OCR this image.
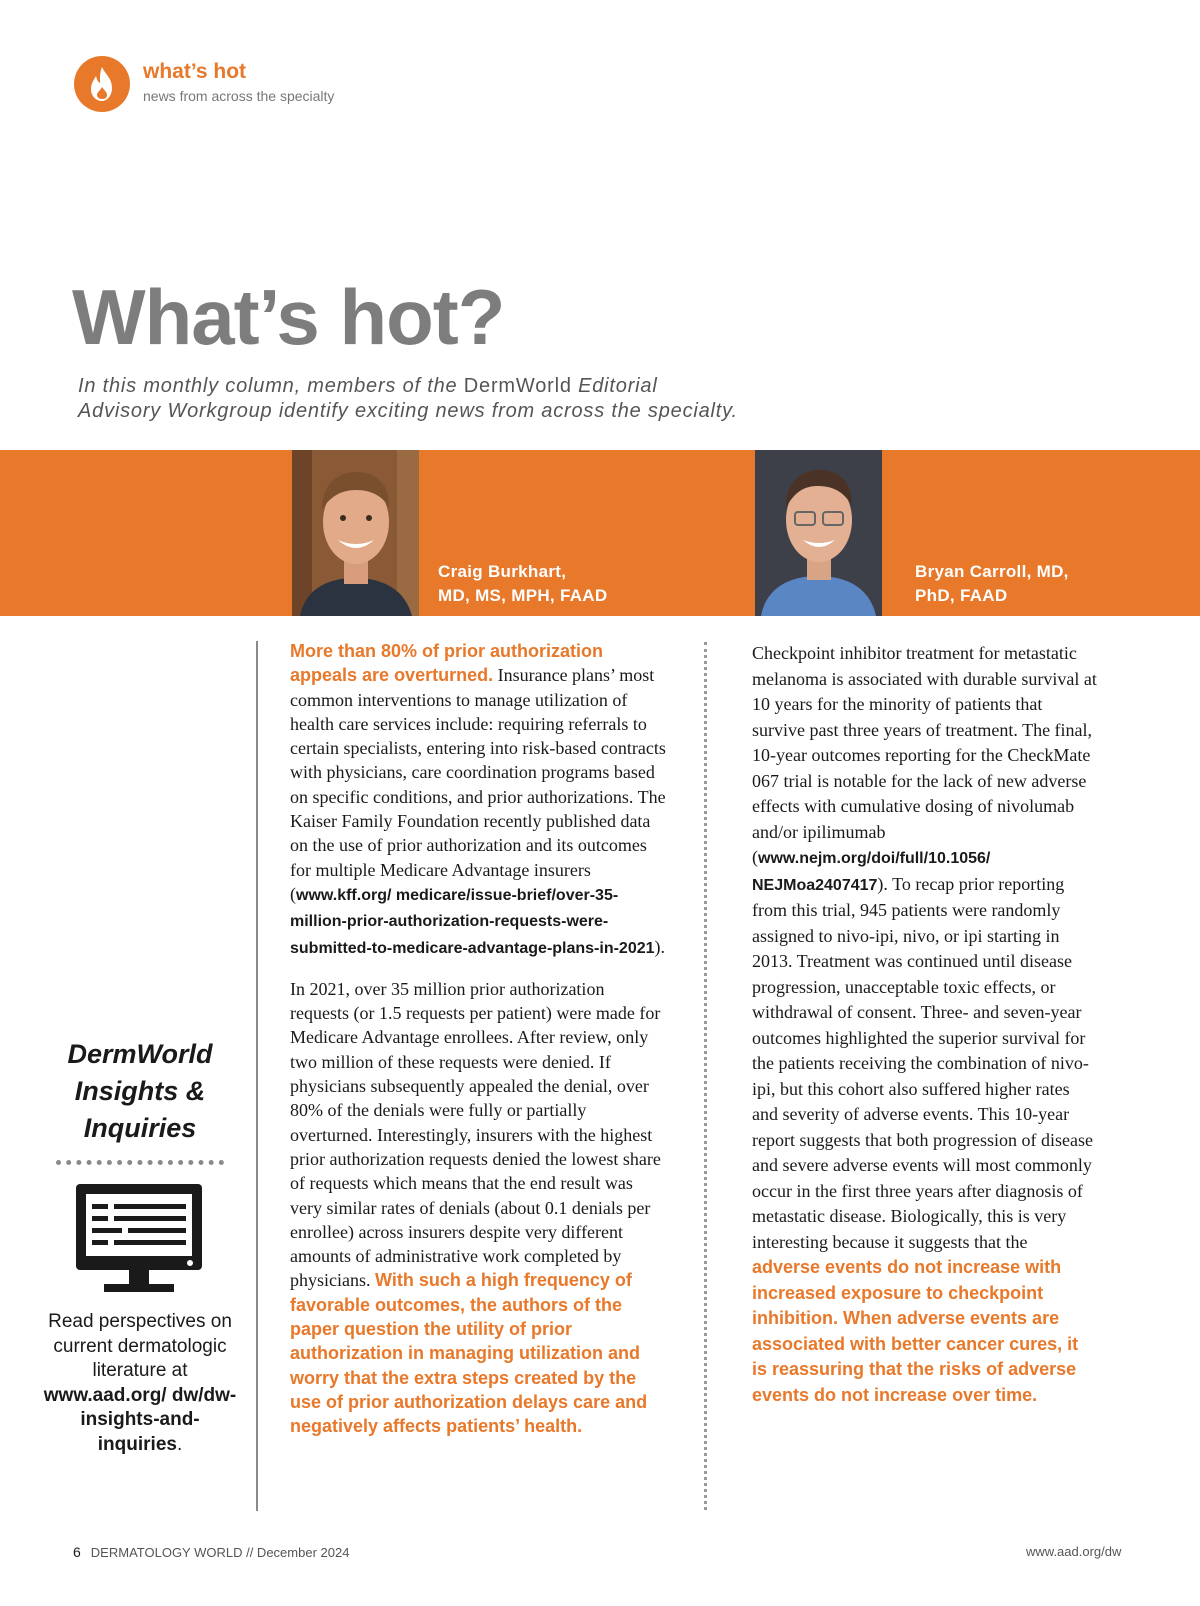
what’s hot
news from across the specialty
What’s hot?
In this monthly column, members of the DermWorld Editorial
Advisory Workgroup identify exciting news from across the specialty.
Craig Burkhart,
MD, MS, MPH, FAAD
Bryan Carroll, MD,
PhD, FAAD

More than 80% of prior authorization appeals are overturned. Insurance plans’ most common interventions to manage utilization of health care services include: requiring referrals to certain specialists, entering into risk-based contracts with physicians, care coordination programs based on specific conditions, and prior authorizations. The Kaiser Family Foundation recently published data on the use of prior authorization and its outcomes for multiple Medicare Advantage insurers (www.kff.org/ medicare/issue-brief/over-35-million-prior-authorization-requests-were-submitted-to-medicare-advantage-plans-in-2021).

In 2021, over 35 million prior authorization requests (or 1.5 requests per patient) were made for Medicare Advantage enrollees. After review, only two million of these requests were denied. If physicians subsequently appealed the denial, over 80% of the denials were fully or partially overturned. Interestingly, insurers with the highest prior authorization requests denied the lowest share of requests which means that the end result was very similar rates of denials (about 0.1 denials per enrollee) across insurers despite very different amounts of administrative work completed by physicians. With such a high frequency of favorable outcomes, the authors of the paper question the utility of prior authorization in managing utilization and worry that the extra steps created by the use of prior authorization delays care and negatively affects patients’ health.

Checkpoint inhibitor treatment for metastatic melanoma is associated with durable survival at 10 years for the minority of patients that survive past three years of treatment. The final, 10-year outcomes reporting for the CheckMate 067 trial is notable for the lack of new adverse effects with cumulative dosing of nivolumab and/or ipilimumab (www.nejm.org/doi/full/10.1056/ NEJMoa2407417). To recap prior reporting from this trial, 945 patients were randomly assigned to nivo-ipi, nivo, or ipi starting in 2013. Treatment was continued until disease progression, unacceptable toxic effects, or withdrawal of consent. Three- and seven-year outcomes highlighted the superior survival for the patients receiving the combination of nivo-ipi, but this cohort also suffered higher rates and severity of adverse events. This 10-year report suggests that both progression of disease and severe adverse events will most commonly occur in the first three years after diagnosis of metastatic disease. Biologically, this is very interesting because it suggests that the adverse events do not increase with increased exposure to checkpoint inhibition. When adverse events are associated with better cancer cures, it is reassuring that the risks of adverse events do not increase over time.

DermWorld
Insights &
Inquiries
Read perspectives on current dermatologic literature at www.aad.org/ dw/dw-insights-and-inquiries.
6 DERMATOLOGY WORLD // December 2024	www.aad.org/dw
